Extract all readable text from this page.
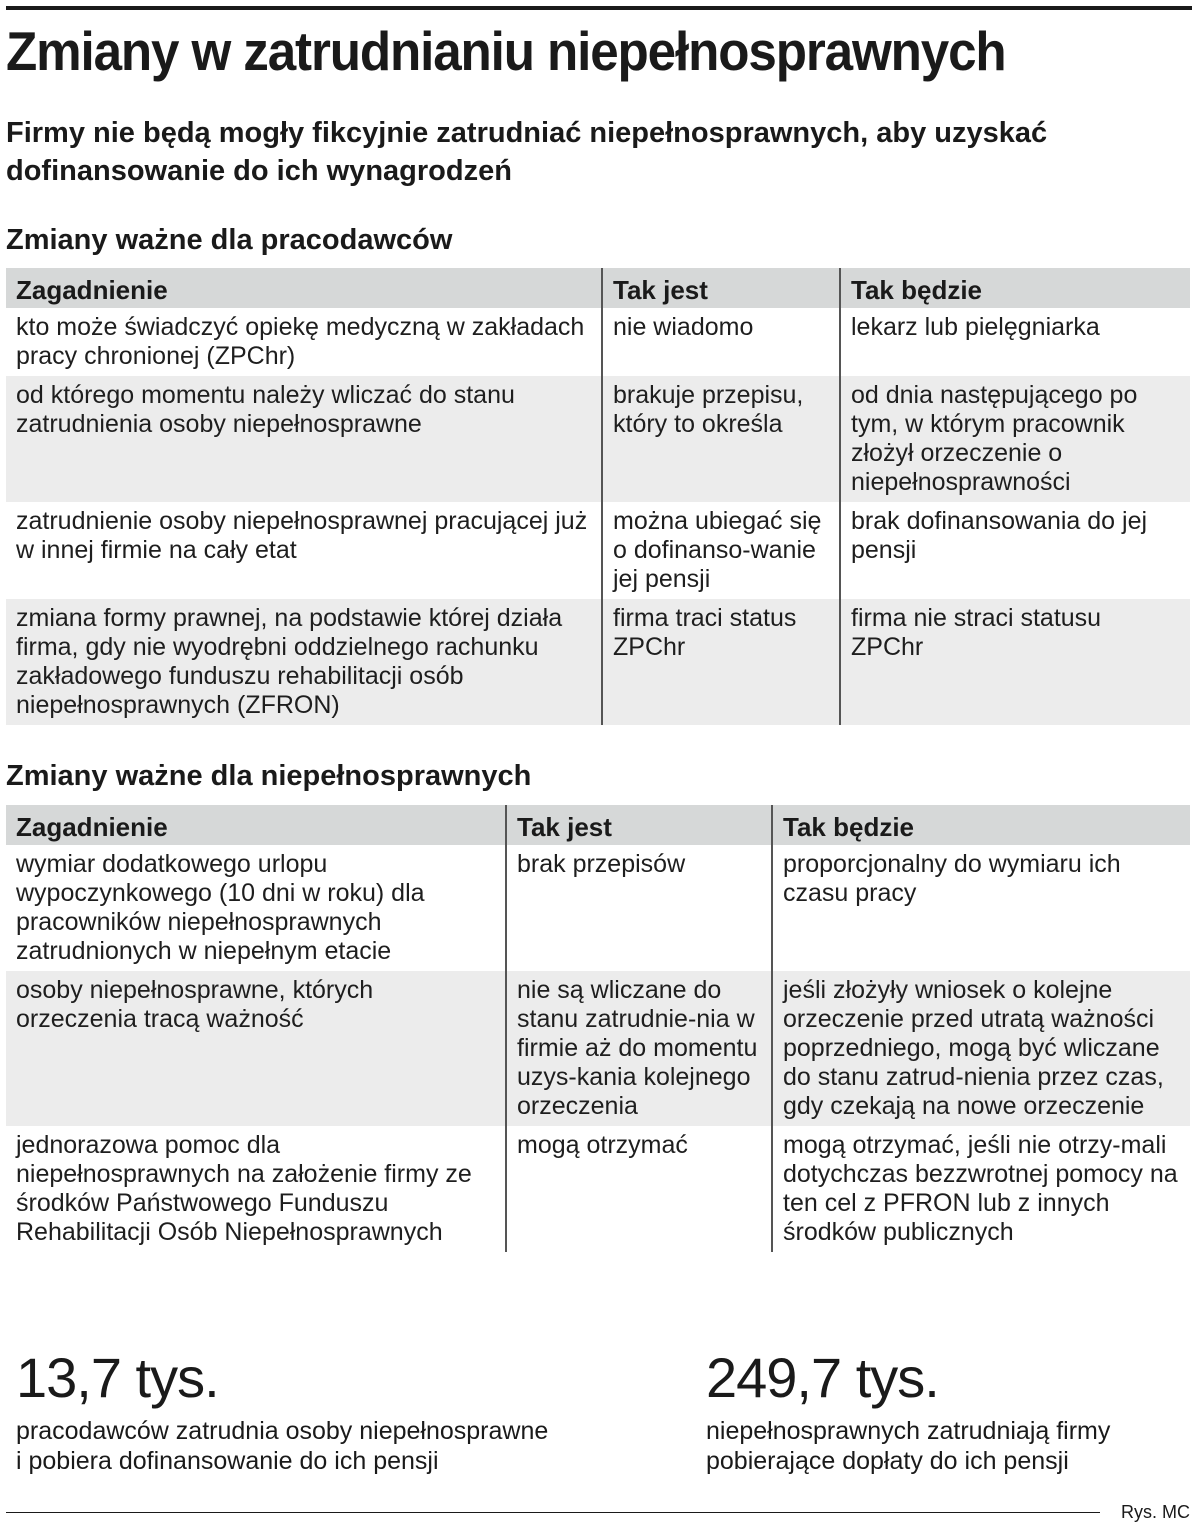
Zmiany w zatrudnianiu niepełnosprawnych
Firmy nie będą mogły fikcyjnie zatrudniać niepełnosprawnych, aby uzyskać dofinansowanie do ich wynagrodzeń
Zmiany ważne dla pracodawców
Zagadnienie	Tak jest	Tak będzie
kto może świadczyć opiekę medyczną w zakładach pracy chronionej (ZPChr)	nie wiadomo	lekarz lub pielęgniarka
od którego momentu należy wliczać do stanu zatrudnienia osoby niepełnosprawne	brakuje przepisu, który to określa	od dnia następującego po tym, w którym pracownik złożył orzeczenie o niepełnosprawności
zatrudnienie osoby niepełnosprawnej pracującej już w innej firmie na cały etat	można ubiegać się o dofinanso-wanie jej pensji	brak dofinansowania do jej pensji
zmiana formy prawnej, na podstawie której działa firma, gdy nie wyodrębni oddzielnego rachunku zakładowego funduszu rehabilitacji osób niepełnosprawnych (ZFRON)	firma traci status ZPChr	firma nie straci statusu ZPChr
Zmiany ważne dla niepełnosprawnych
Zagadnienie	Tak jest	Tak będzie
wymiar dodatkowego urlopu wypoczynkowego (10 dni w roku) dla pracowników niepełnosprawnych zatrudnionych w niepełnym etacie	brak przepisów	proporcjonalny do wymiaru ich czasu pracy
osoby niepełnosprawne, których orzeczenia tracą ważność	nie są wliczane do stanu zatrudnie-nia w firmie aż do momentu uzys-kania kolejnego orzeczenia	jeśli złożyły wniosek o kolejne orzeczenie przed utratą ważności poprzedniego, mogą być wliczane do stanu zatrud-nienia przez czas, gdy czekają na nowe orzeczenie
jednorazowa pomoc dla niepełnosprawnych na założenie firmy ze środków Państwowego Funduszu Rehabilitacji Osób Niepełnosprawnych	mogą otrzymać	mogą otrzymać, jeśli nie otrzy-mali dotychczas bezzwrotnej pomocy na ten cel z PFRON lub z innych środków publicznych
13,7 tys.
pracodawców zatrudnia osoby niepełnosprawne
i pobiera dofinansowanie do ich pensji
249,7 tys.
niepełnosprawnych zatrudniają firmy
pobierające dopłaty do ich pensji
Rys. MC
